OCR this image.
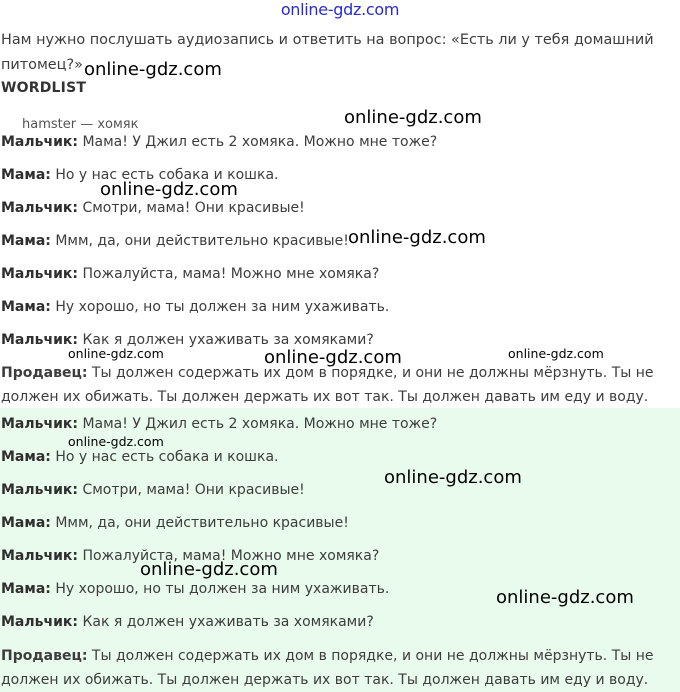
online-gdz.com
Нам нужно послушать аудиозапись и ответить на вопрос: «Есть ли у тебя домашний питомец?»
WORDLIST
hamster — хомяк
Мальчик: Мама! У Джил есть 2 хомяка. Можно мне тоже?
Мама: Но у нас есть собака и кошка.
Мальчик: Смотри, мама! Они красивые!
Мама: Ммм, да, они действительно красивые!
Мальчик: Пожалуйста, мама! Можно мне хомяка?
Мама: Ну хорошо, но ты должен за ним ухаживать.
Мальчик: Как я должен ухаживать за хомяками?
Продавец: Ты должен содержать их дом в порядке, и они не должны мёрзнуть. Ты не должен их обижать. Ты должен держать их вот так. Ты должен давать им еду и воду.
Мальчик: Мама! У Джил есть 2 хомяка. Можно мне тоже?
Мама: Но у нас есть собака и кошка.
Мальчик: Смотри, мама! Они красивые!
Мама: Ммм, да, они действительно красивые!
Мальчик: Пожалуйста, мама! Можно мне хомяка?
Мама: Ну хорошо, но ты должен за ним ухаживать.
Мальчик: Как я должен ухаживать за хомяками?
Продавец: Ты должен содержать их дом в порядке, и они не должны мёрзнуть. Ты не должен их обижать. Ты должен держать их вот так. Ты должен давать им еду и воду.
online-gdz.com
online-gdz.com
online-gdz.com
online-gdz.com
online-gdz.com	online-gdz.com	online-gdz.com
online-gdz.com
online-gdz.com
online-gdz.com
online-gdz.com
